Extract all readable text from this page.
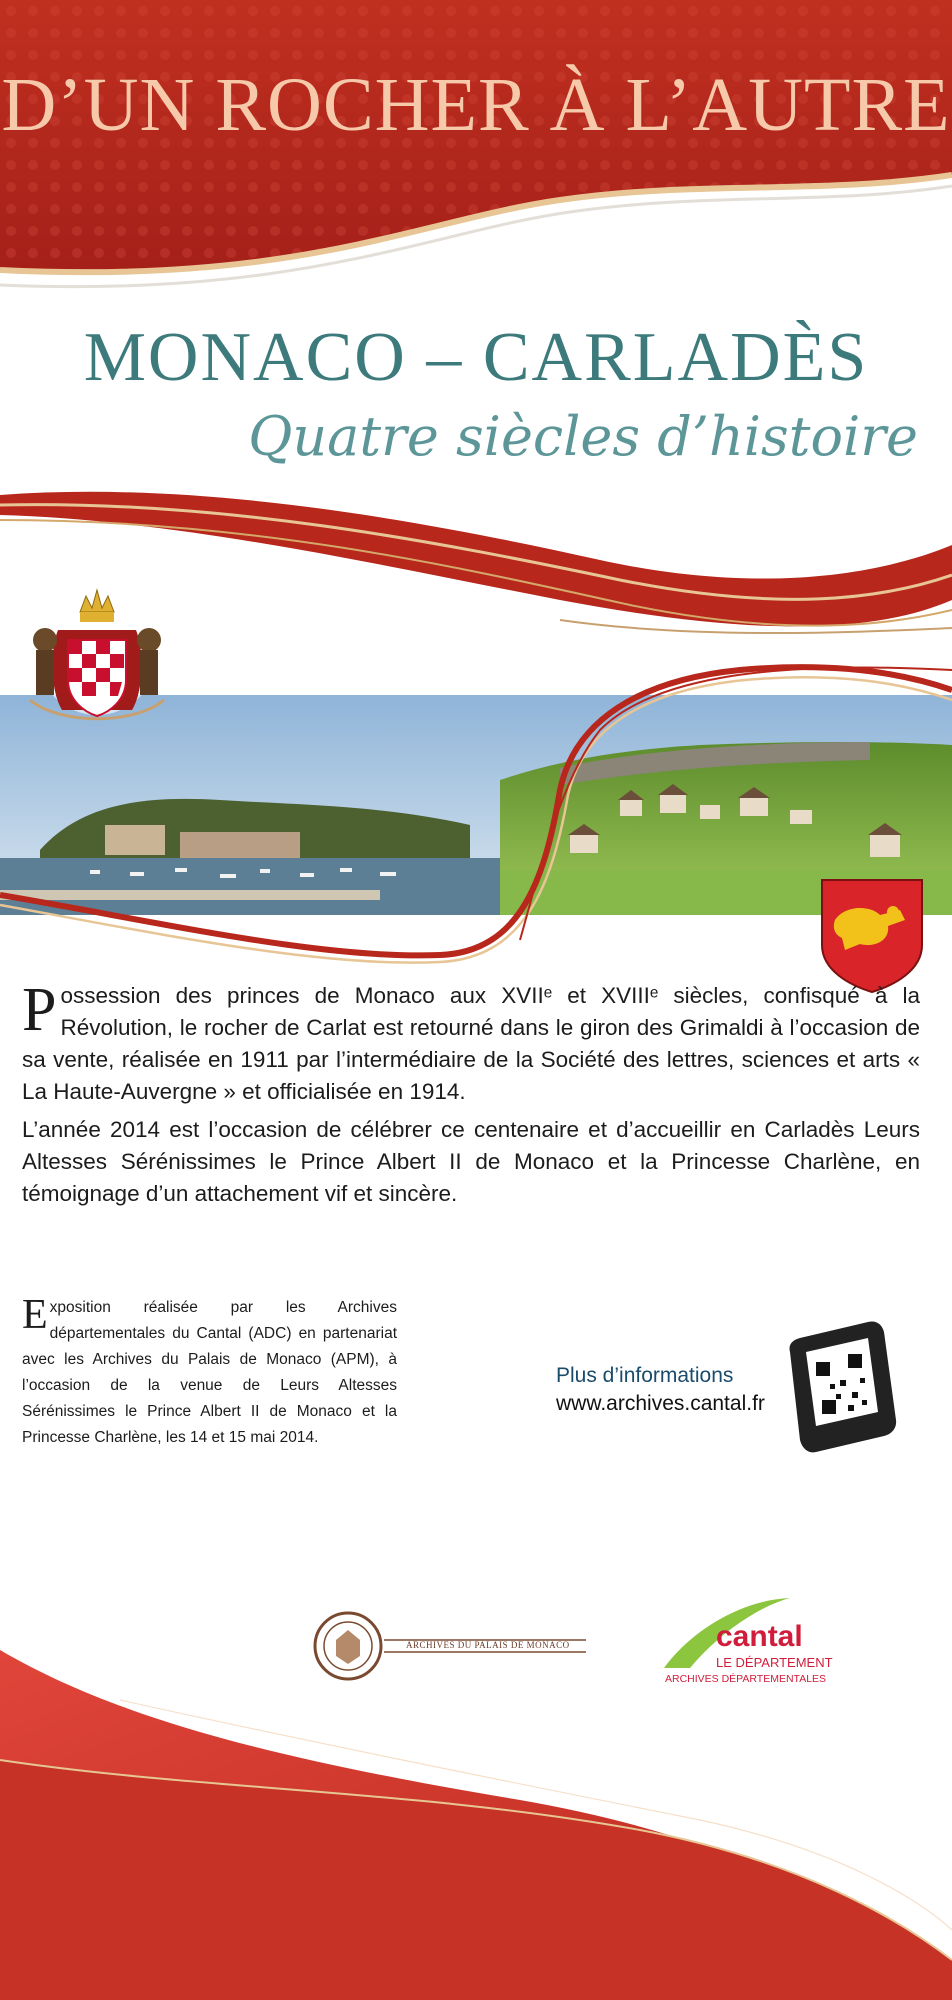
D’UN ROCHER À L’AUTRE
MONACO – CARLADÈS
Quatre siècles d’histoire

Possession des princes de Monaco aux XVIIᵉ et XVIIIᵉ siècles, confisqué à la Révolution, le rocher de Carlat est retourné dans le giron des Grimaldi à l’occasion de sa vente, réalisée en 1911 par l’intermédiaire de la Société des lettres, sciences et arts « La Haute-Auvergne » et officialisée en 1914.

L’année 2014 est l’occasion de célébrer ce centenaire et d’accueillir en Carladès Leurs Altesses Sérénissimes le Prince Albert II de Monaco et la Princesse Charlène, en témoignage d’un attachement vif et sincère.

Exposition réalisée par les Archives départementales du Cantal (ADC) en partenariat avec les Archives du Palais de Monaco (APM), à l’occasion de la venue de Leurs Altesses Sérénissimes le Prince Albert II de Monaco et la Princesse Charlène, les 14 et 15 mai 2014.
Plus d’informations
www.archives.cantal.fr
ARCHIVES DU PALAIS DE MONACO	cantal
LE DÉPARTEMENT
ARCHIVES DÉPARTEMENTALES
